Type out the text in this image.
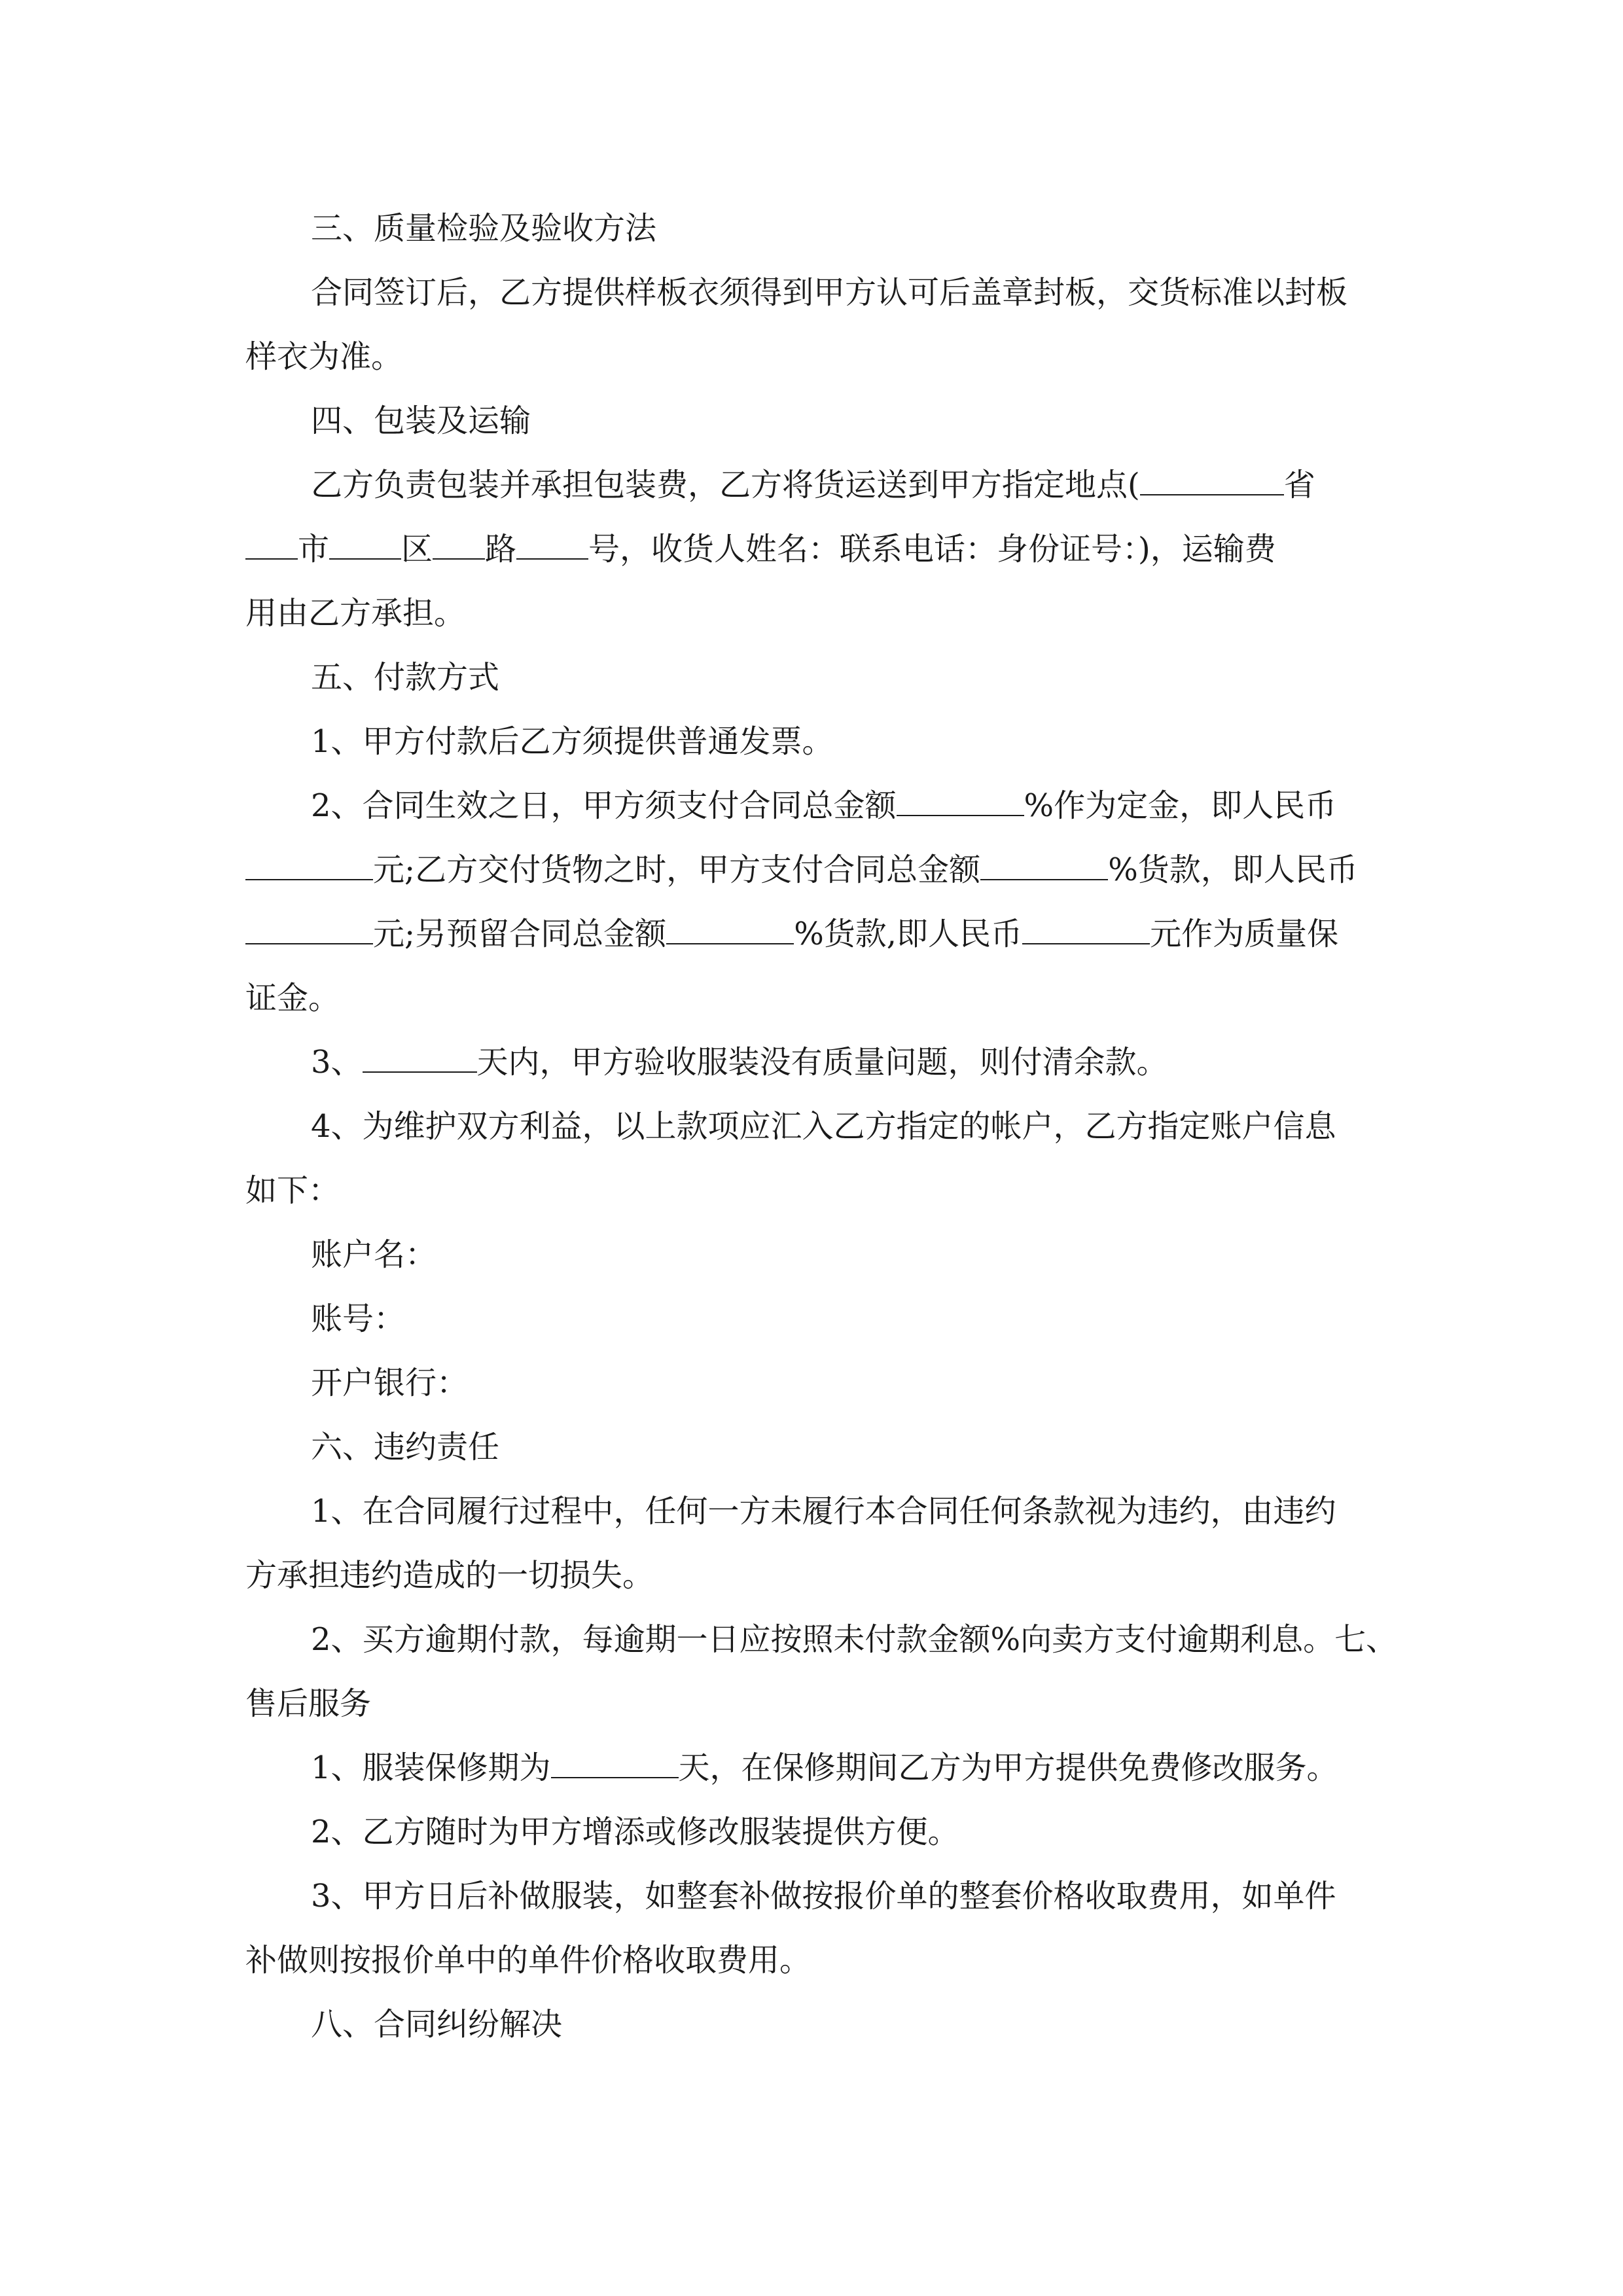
三、质量检验及验收方法

合同签订后，乙方提供样板衣须得到甲方认可后盖章封板，交货标准以封板

样衣为准。

四、包装及运输

乙方负责包装并承担包装费，乙方将货运送到甲方指定地点(	省

市 区 路 号，收货人姓名：联系电话：身份证号：)，运输费

用由乙方承担。

五、付款方式

1、甲方付款后乙方须提供普通发票。

2、合同生效之日，甲方须支付合同总金额	%作为定金，即人民币

元;乙方交付货物之时，甲方支付合同总金额	%货款，即人民币

元;另预留合同总金额	%货款,即人民币	元作为质量保

证金。

3、	天内，甲方验收服装没有质量问题，则付清余款。

4、为维护双方利益，以上款项应汇入乙方指定的帐户，乙方指定账户信息

如下：

账户名：

账号：

开户银行：

六、违约责任

1、在合同履行过程中，任何一方未履行本合同任何条款视为违约，由违约

方承担违约造成的一切损失。

2、买方逾期付款，每逾期一日应按照未付款金额%向卖方支付逾期利息。七、

售后服务

1、服装保修期为	天，在保修期间乙方为甲方提供免费修改服务。

2、乙方随时为甲方增添或修改服装提供方便。

3、甲方日后补做服装，如整套补做按报价单的整套价格收取费用，如单件

补做则按报价单中的单件价格收取费用。

八、合同纠纷解决
